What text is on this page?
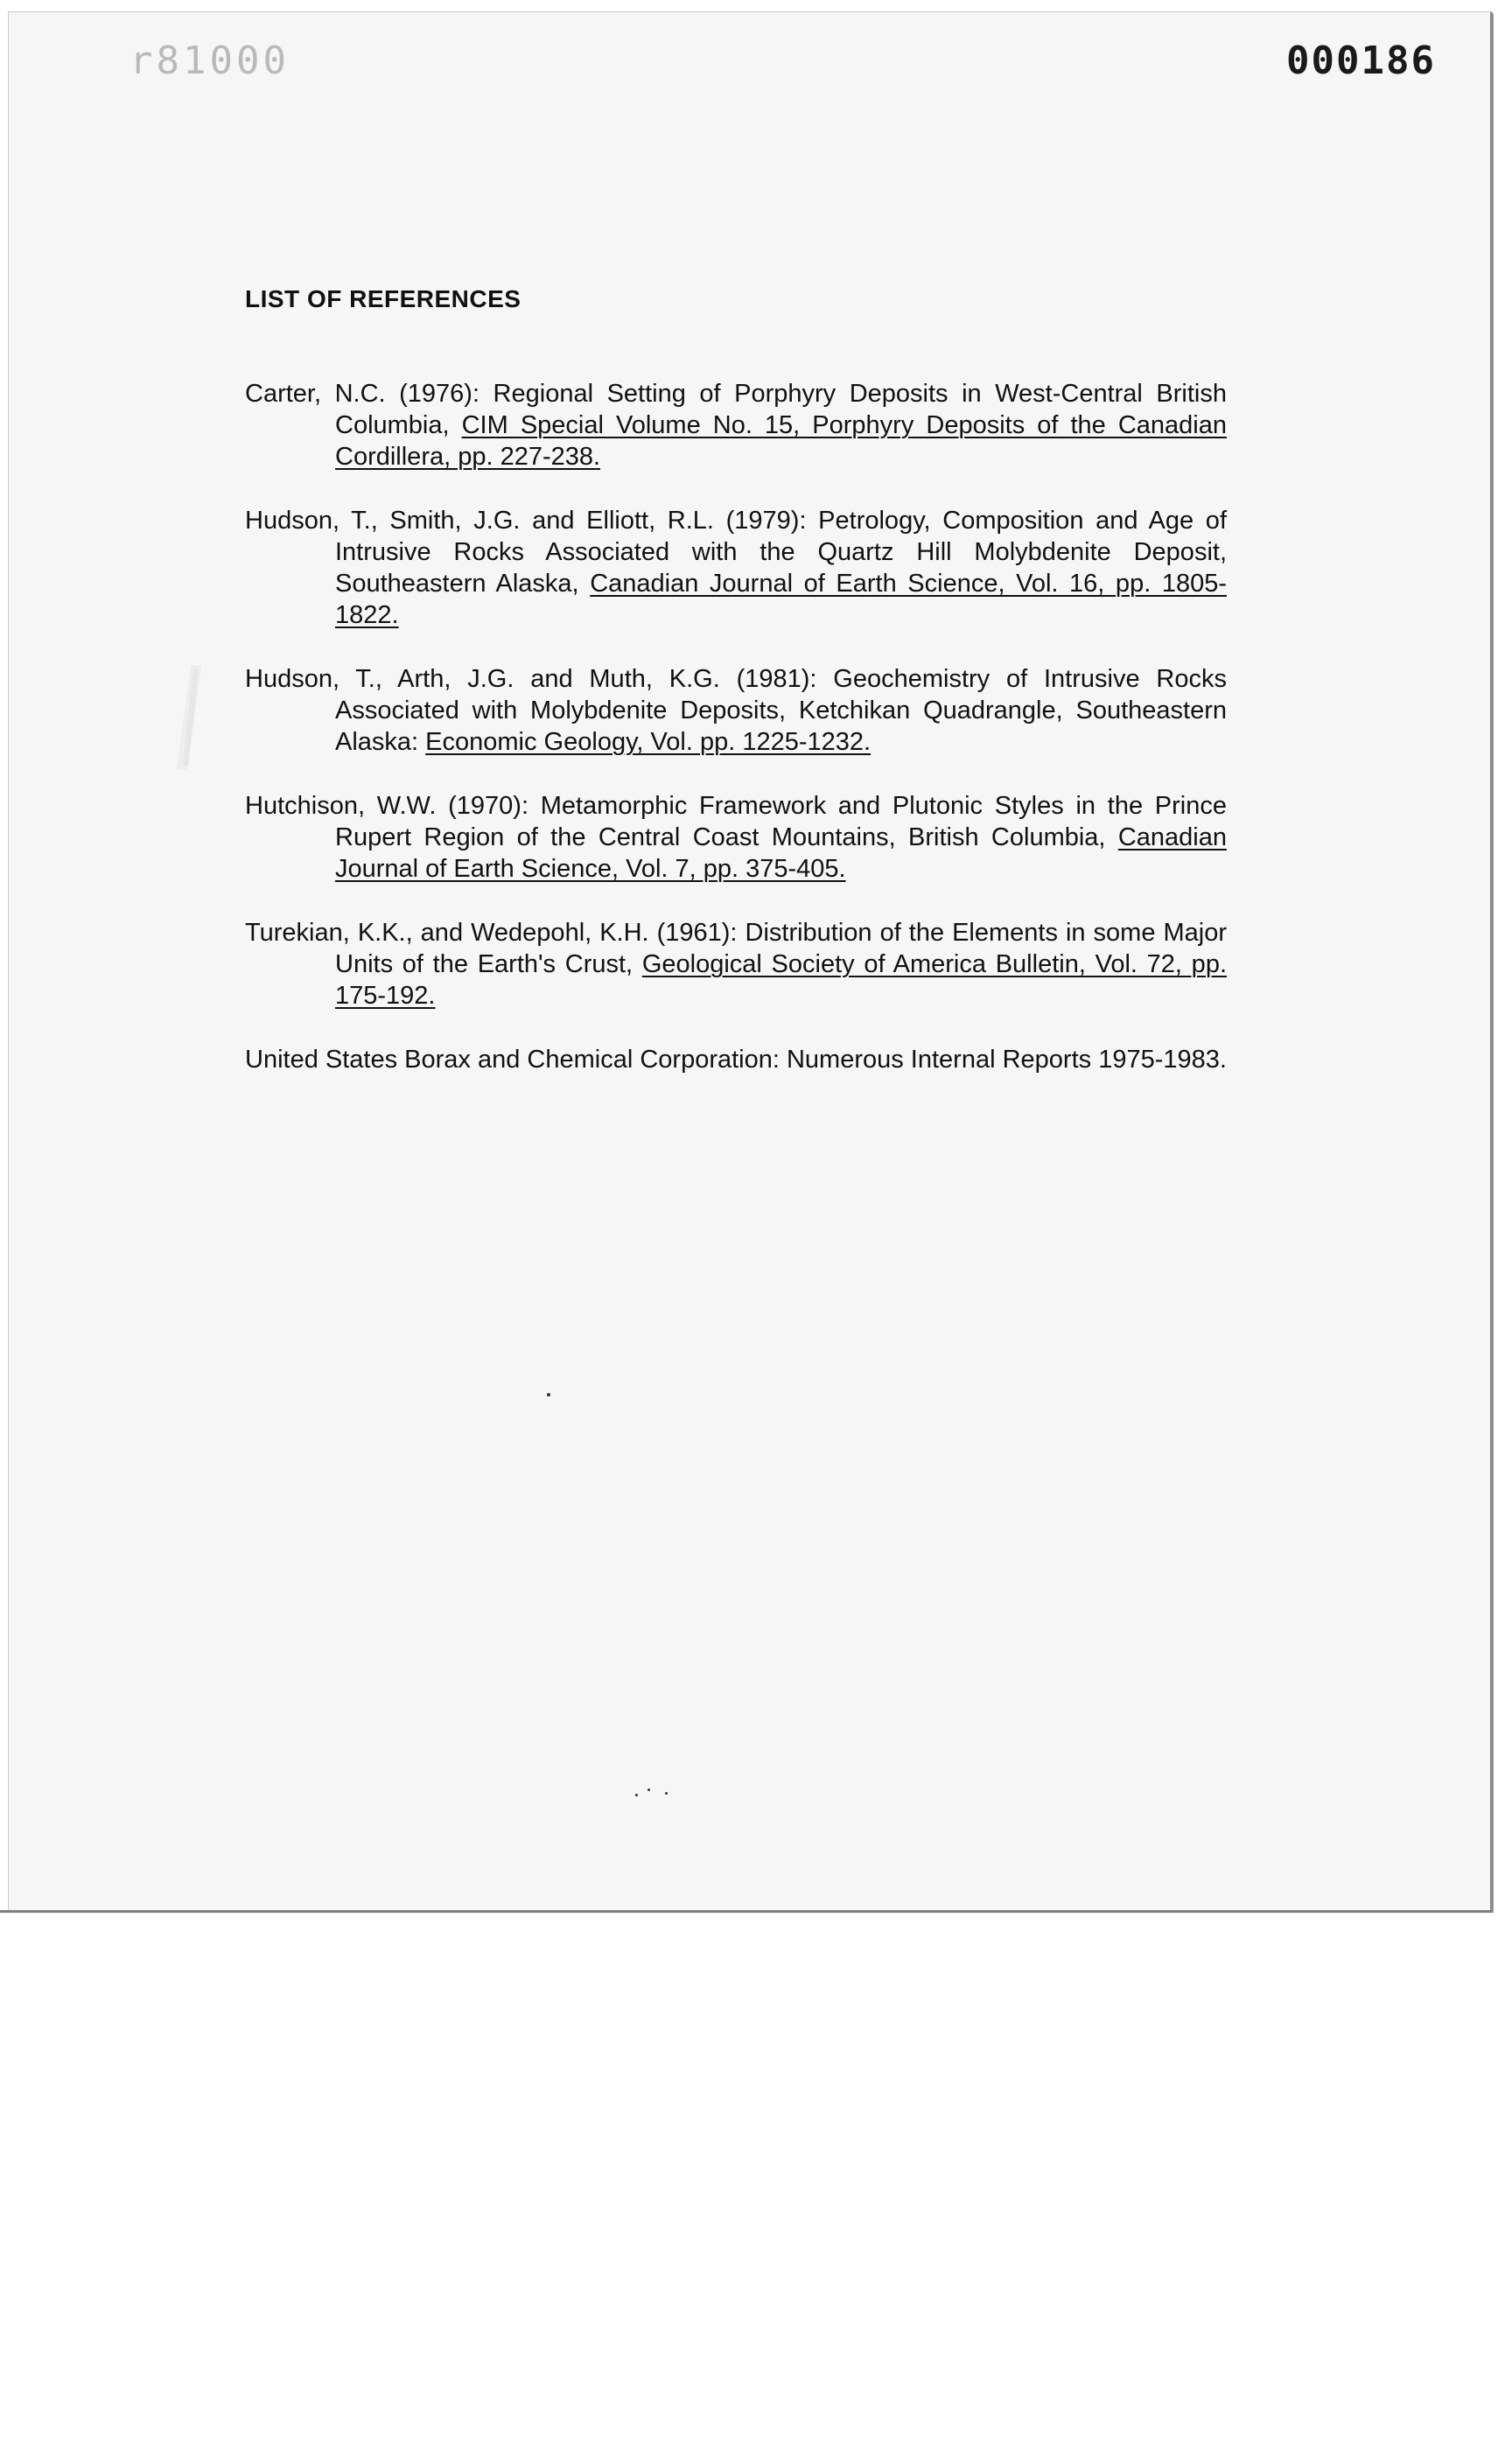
r81000	000186
LIST OF REFERENCES
Carter, N.C. (1976): Regional Setting of Porphyry Deposits in West-Central British Columbia, CIM Special Volume No. 15, Porphyry Deposits of the Canadian Cordillera, pp. 227-238.
Hudson, T., Smith, J.G. and Elliott, R.L. (1979): Petrology, Composition and Age of Intrusive Rocks Associated with the Quartz Hill Molybdenite Deposit, Southeastern Alaska, Canadian Journal of Earth Science, Vol. 16, pp. 1805-1822.
Hudson, T., Arth, J.G. and Muth, K.G. (1981): Geochemistry of Intrusive Rocks Associated with Molybdenite Deposits, Ketchikan Quadrangle, Southeastern Alaska: Economic Geology, Vol. pp. 1225-1232.
Hutchison, W.W. (1970): Metamorphic Framework and Plutonic Styles in the Prince Rupert Region of the Central Coast Mountains, British Columbia, Canadian Journal of Earth Science, Vol. 7, pp. 375-405.
Turekian, K.K., and Wedepohl, K.H. (1961): Distribution of the Elements in some Major Units of the Earth's Crust, Geological Society of America Bulletin, Vol. 72, pp. 175-192.
United States Borax and Chemical Corporation: Numerous Internal Reports 1975-1983.
